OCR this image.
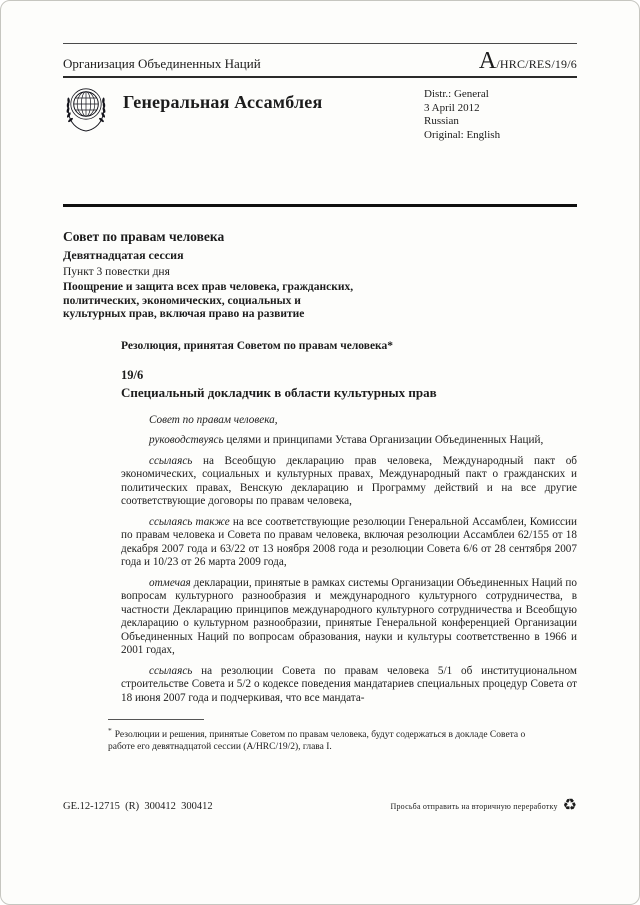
Организация Объединенных Наций	A/HRC/RES/19/6
Генеральная Ассамблея	Distr.: General
3 April 2012
Russian
Original: English
Совет по правам человека
Девятнадцатая сессия
Пункт 3 повестки дня
Поощрение и защита всех прав человека, гражданских, политических, экономических, социальных и культурных прав, включая право на развитие
Резолюция, принятая Советом по правам человека*
19/6
Специальный докладчик в области культурных прав

Совет по правам человека,

руководствуясь целями и принципами Устава Организации Объединенных Наций,

ссылаясь на Всеобщую декларацию прав человека, Международный пакт об экономических, социальных и культурных правах, Международный пакт о гражданских и политических правах, Венскую декларацию и Программу действий и на все другие соответствующие договоры по правам человека,

ссылаясь также на все соответствующие резолюции Генеральной Ассамблеи, Комиссии по правам человека и Совета по правам человека, включая резолюции Ассамблеи 62/155 от 18 декабря 2007 года и 63/22 от 13 ноября 2008 года и резолюции Совета 6/6 от 28 сентября 2007 года и 10/23 от 26 марта 2009 года,

отмечая декларации, принятые в рамках системы Организации Объединенных Наций по вопросам культурного разнообразия и международного культурного сотрудничества, в частности Декларацию принципов международного культурного сотрудничества и Всеобщую декларацию о культурном разнообразии, принятые Генеральной конференцией Организации Объединенных Наций по вопросам образования, науки и культуры соответственно в 1966 и 2001 годах,

ссылаясь на резолюции Совета по правам человека 5/1 об институциональном строительстве Совета и 5/2 о кодексе поведения мандатариев специальных процедур Совета от 18 июня 2007 года и подчеркивая, что все мандата-

* Резолюции и решения, принятые Советом по правам человека, будут содержаться в докладе Совета о работе его девятнадцатой сессии (A/HRC/19/2), глава I.

GE.12-12715  (R)  300412  300412	Просьба отправить на вторичную переработку ♻
